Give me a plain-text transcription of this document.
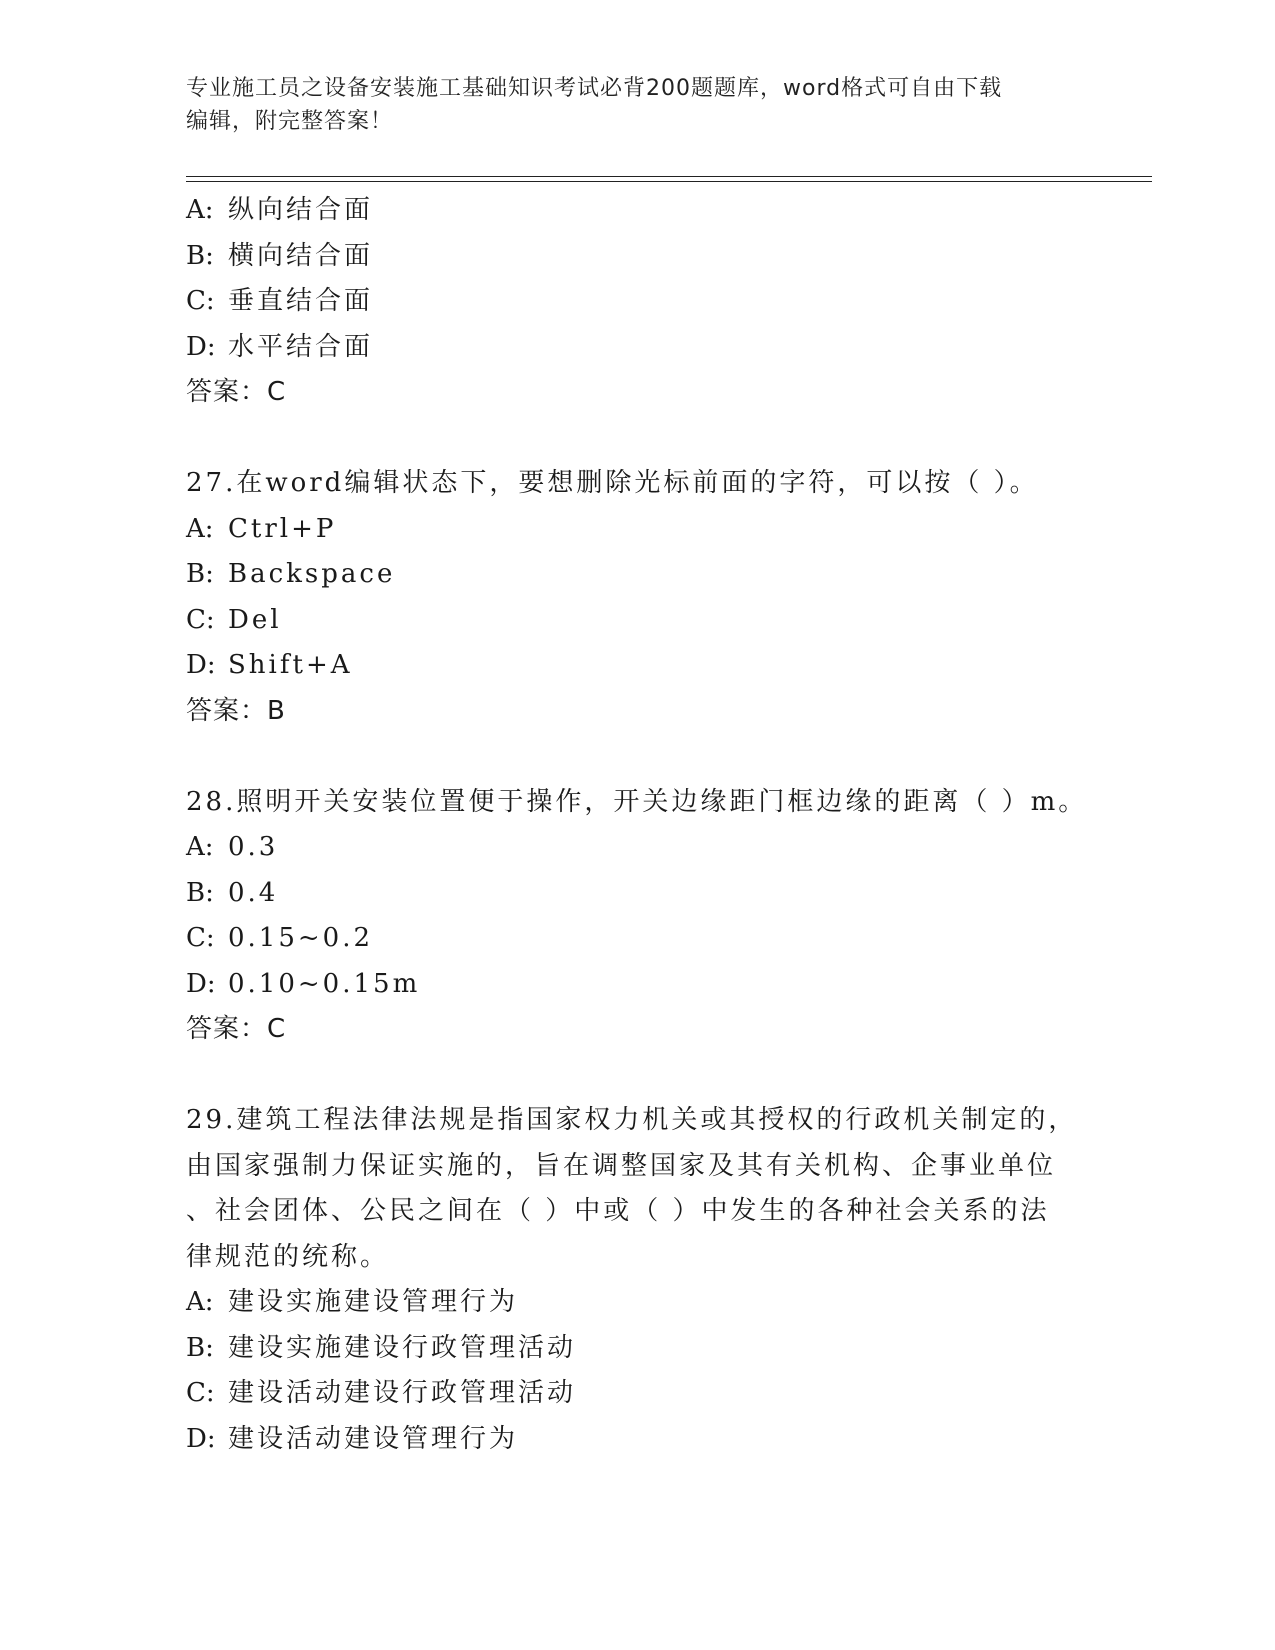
专业施工员之设备安装施工基础知识考试必背200题题库，word格式可自由下载
编辑，附完整答案！
A: 纵向结合面
B: 横向结合面
C: 垂直结合面
D: 水平结合面
答案：C
27.在word编辑状态下，要想删除光标前面的字符，可以按（ ）。
A: Ctrl+P
B: Backspace
C: Del
D: Shift+A
答案：B
28.照明开关安装位置便于操作，开关边缘距门框边缘的距离（ ）m。
A: 0.3
B: 0.4
C: 0.15~0.2
D: 0.10~0.15m
答案：C
29.建筑工程法律法规是指国家权力机关或其授权的行政机关制定的，
由国家强制力保证实施的，旨在调整国家及其有关机构、企事业单位
、社会团体、公民之间在（ ）中或（ ）中发生的各种社会关系的法
律规范的统称。
A: 建设实施建设管理行为
B: 建设实施建设行政管理活动
C: 建设活动建设行政管理活动
D: 建设活动建设管理行为
